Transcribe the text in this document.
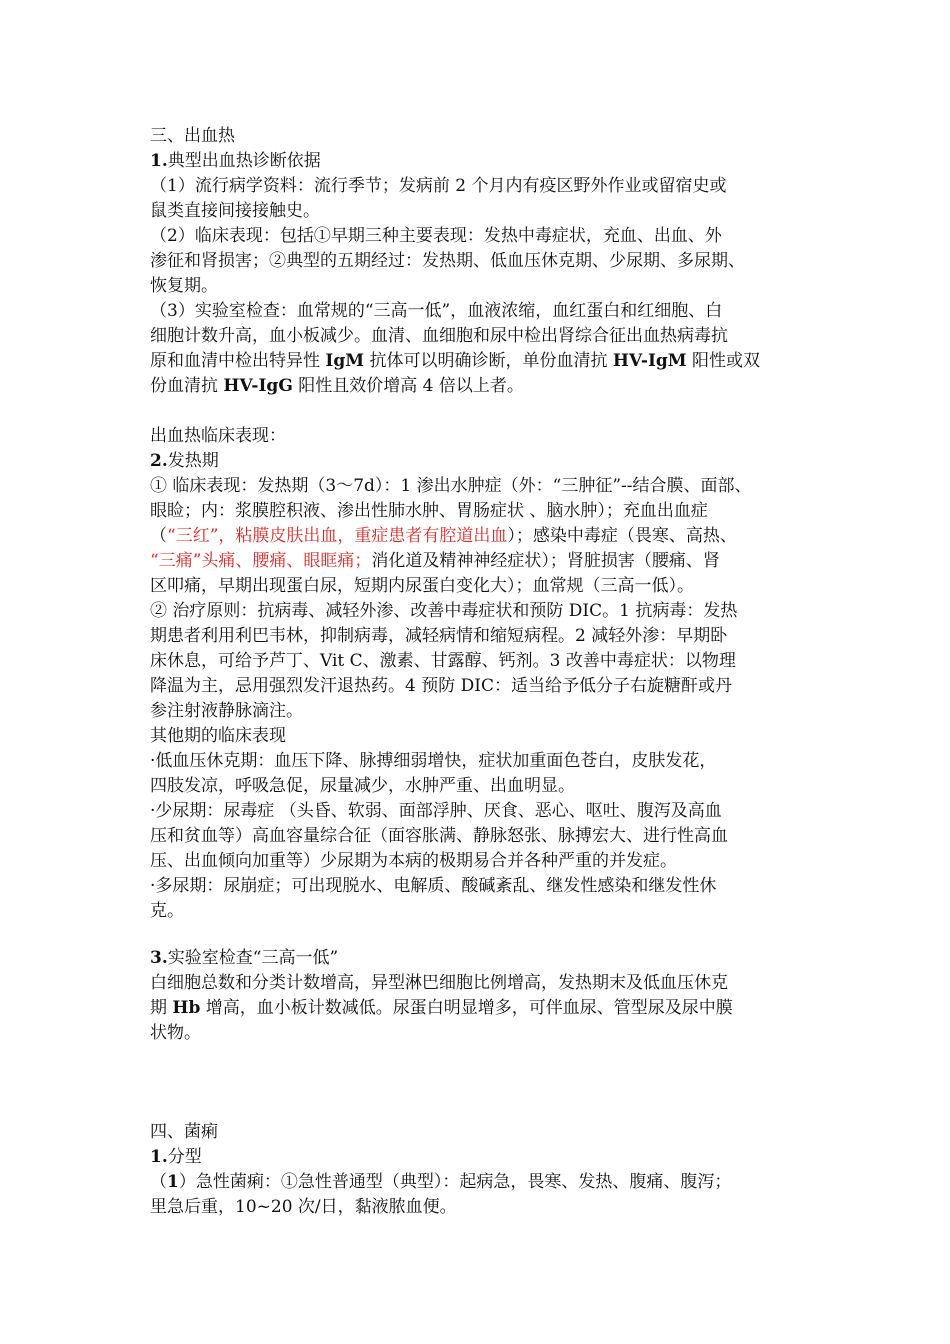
三、出血热
1.典型出血热诊断依据
（1）流行病学资料：流行季节；发病前 2 个月内有疫区野外作业或留宿史或
鼠类直接间接接触史。
（2）临床表现：包括①早期三种主要表现：发热中毒症状，充血、出血、外
渗征和肾损害；②典型的五期经过：发热期、低血压休克期、少尿期、多尿期、
恢复期。
（3）实验室检查：血常规的“三高一低”，血液浓缩，血红蛋白和红细胞、白
细胞计数升高，血小板减少。血清、血细胞和尿中检出肾综合征出血热病毒抗
原和血清中检出特异性 IgM 抗体可以明确诊断，单份血清抗 HV-IgM 阳性或双
份血清抗 HV-IgG 阳性且效价增高 4 倍以上者。
出血热临床表现：
2.发热期
① 临床表现：发热期（3～7d）：1 渗出水肿症（外：“三肿征”--结合膜、面部、
眼睑；内：浆膜腔积液、渗出性肺水肿、胃肠症状 、脑水肿）；充血出血症
（“三红”，粘膜皮肤出血，重症患者有腔道出血）；感染中毒症（畏寒、高热、
“三痛”头痛、腰痛、眼眶痛；消化道及精神神经症状）；肾脏损害（腰痛、肾
区叩痛，早期出现蛋白尿，短期内尿蛋白变化大）；血常规（三高一低）。
② 治疗原则：抗病毒、减轻外渗、改善中毒症状和预防 DIC。1 抗病毒：发热
期患者利用利巴韦林，抑制病毒，减轻病情和缩短病程。2 减轻外渗：早期卧
床休息，可给予芦丁、Vit C、激素、甘露醇、钙剂。3 改善中毒症状：以物理
降温为主，忌用强烈发汗退热药。4 预防 DIC：适当给予低分子右旋糖酐或丹
参注射液静脉滴注。
其他期的临床表现
·低血压休克期：血压下降、脉搏细弱增快，症状加重面色苍白，皮肤发花，
四肢发凉，呼吸急促，尿量减少，水肿严重、出血明显。
·少尿期：尿毒症 （头昏、软弱、面部浮肿、厌食、恶心、呕吐、腹泻及高血
压和贫血等）高血容量综合征（面容胀满、静脉怒张、脉搏宏大、进行性高血
压、出血倾向加重等）少尿期为本病的极期易合并各种严重的并发症。
·多尿期：尿崩症；可出现脱水、电解质、酸碱紊乱、继发性感染和继发性休
克。
3.实验室检查“三高一低”
白细胞总数和分类计数增高，异型淋巴细胞比例增高，发热期末及低血压休克
期 Hb 增高，血小板计数减低。尿蛋白明显增多，可伴血尿、管型尿及尿中膜
状物。
四、菌痢
1.分型
（1）急性菌痢：①急性普通型（典型）：起病急，畏寒、发热、腹痛、腹泻；
里急后重，10~20 次/日，黏液脓血便。
